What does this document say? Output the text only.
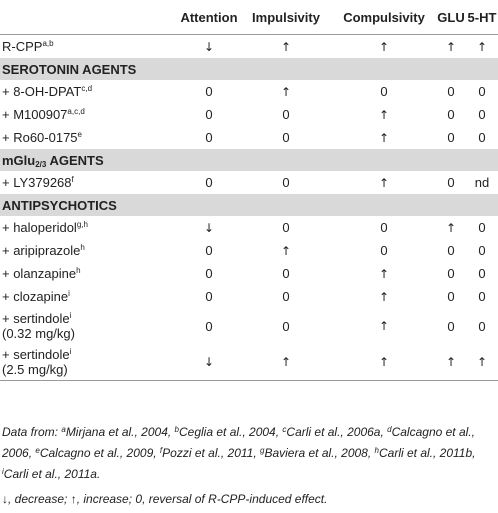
	Attention	Impulsivity	Compulsivity	GLU	5-HT
R-CPP$^{a,b}$	↓	↑	↑	↑	↑
SEROTONIN AGENTS					
+ 8-OH-DPAT$^{c,d}$	0	↑	0	0	0
+ $M100907^{a,c,d}$	0	0	↑	0	0
+ $Ro60-0175^e$	0	0	↑	0	0
mGlu$_{2/3}$ AGENTS					
+ $LY379268^f$	0	0	↑	0	nd
ANTIPSYCHOTICS					
+ haloperidol$^{g,h}$	↓	0	0	↑	0
+ aripiprazole$^h$	0	↑	0	0	0
+ olanzapine$^h$	0	0	↑	0	0
+ clozapine$^i$	0	0	↑	0	0
+ sertindole$^i$
(0.32 mg/kg)	0	0	↑	0	0
+ sertindole$^i$
(2.5 mg/kg)	↓	↑	↑	↑	↑

Data from: $^a$Mirjana et al., 2004, $^b$Ceglia et al., 2004, $^c$Carli et al., 2006a, $^d$Calcagno et al., 2006, $^e$Calcagno et al., 2009, $^f$Pozzi et al., 2011, $^g$Baviera et al., 2008, $^h$Carli et al., 2011b, $^i$Carli et al., 2011a.

↓, decrease; ↑, increase; 0, reversal of R-CPP-induced effect.
